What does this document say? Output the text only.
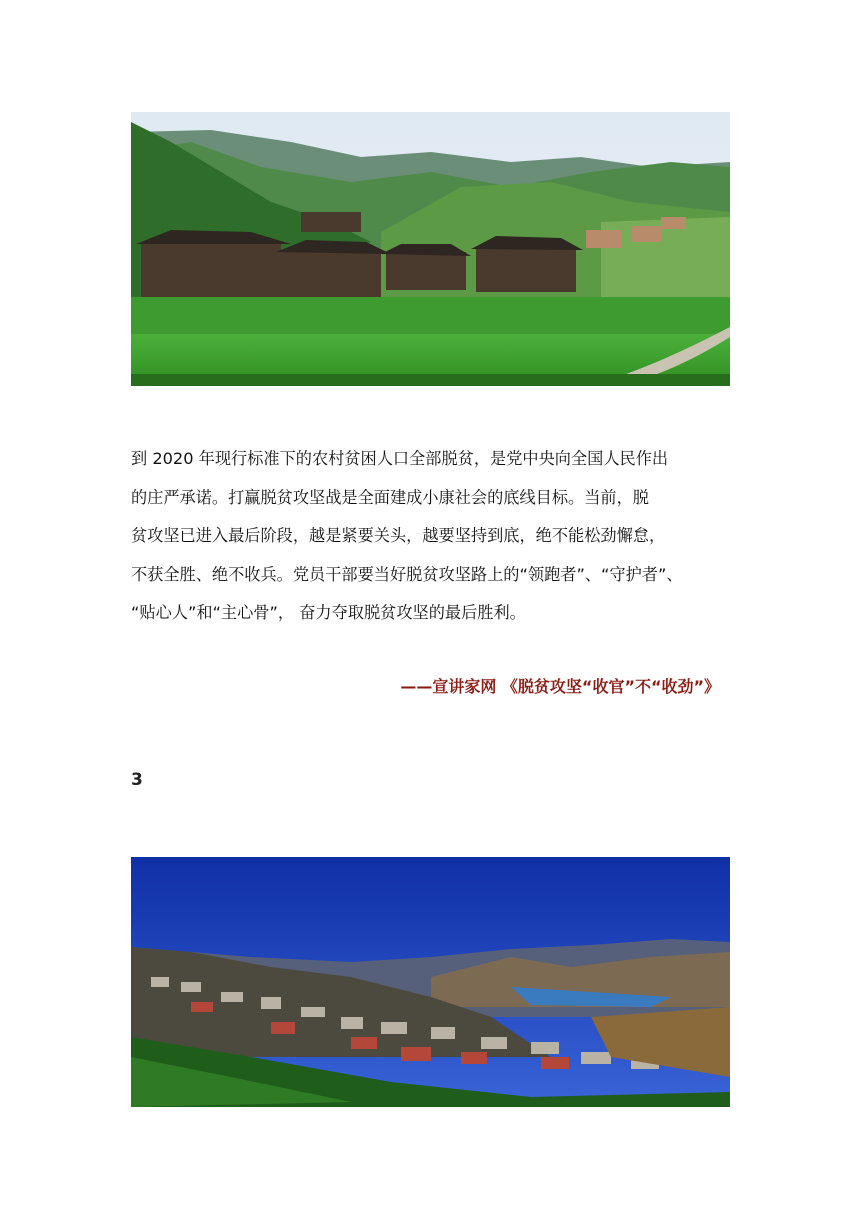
到 2020 年现行标准下的农村贫困人口全部脱贫，是党中央向全国人民作出
的庄严承诺。打赢脱贫攻坚战是全面建成小康社会的底线目标。当前，脱
贫攻坚已进入最后阶段，越是紧要关头，越要坚持到底，绝不能松劲懈怠，
不获全胜、绝不收兵。党员干部要当好脱贫攻坚路上的“领跑者”、“守护者”、
“贴心人”和“主心骨”， 奋力夺取脱贫攻坚的最后胜利。
——宣讲家网 《脱贫攻坚“收官”不“收劲”》
3
